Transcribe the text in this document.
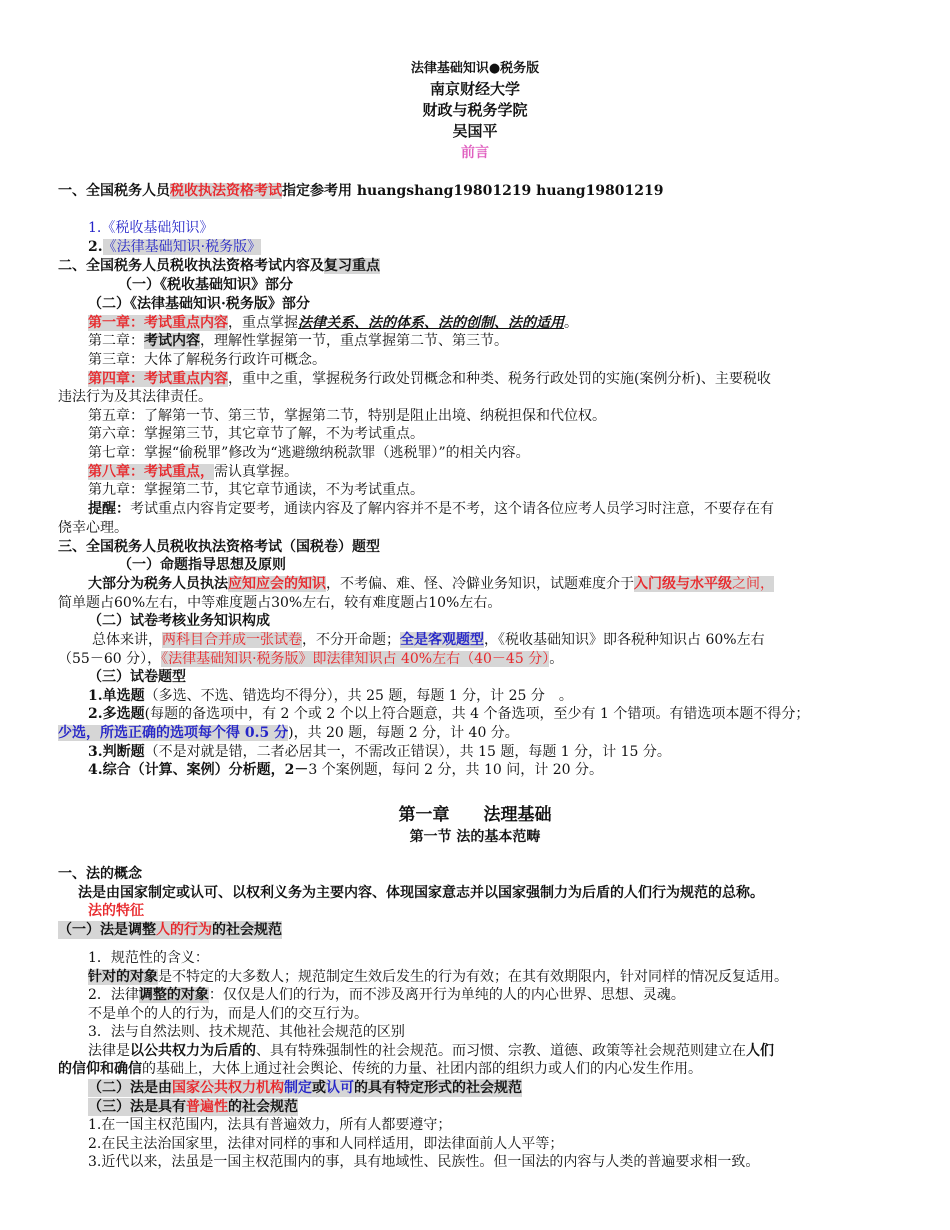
法律基础知识●税务版
南京财经大学
财政与税务学院
吴国平
前言
一、全国税务人员税收执法资格考试指定参考用 huangshang19801219 huang19801219
1.《税收基础知识》
2.《法律基础知识·税务版》
二、全国税务人员税收执法资格考试内容及复习重点
（一）《税收基础知识》部分
（二）《法律基础知识·税务版》部分
第一章：考试重点内容，重点掌握法律关系、法的体系、法的创制、法的适用。
第二章：考试内容，理解性掌握第一节，重点掌握第二节、第三节。
第三章：大体了解税务行政许可概念。
第四章：考试重点内容，重中之重，掌握税务行政处罚概念和种类、税务行政处罚的实施(案例分析)、主要税收
违法行为及其法律责任。
第五章：了解第一节、第三节，掌握第二节，特别是阻止出境、纳税担保和代位权。
第六章：掌握第三节，其它章节了解，不为考试重点。
第七章：掌握“偷税罪”修改为“逃避缴纳税款罪（逃税罪）”的相关内容。
第八章：考试重点，需认真掌握。
第九章：掌握第二节，其它章节通读，不为考试重点。
提醒：考试重点内容肯定要考，通读内容及了解内容并不是不考，这个请各位应考人员学习时注意，不要存在有
侥幸心理。
三、全国税务人员税收执法资格考试（国税卷）题型
（一）命题指导思想及原则
大部分为税务人员执法应知应会的知识，不考偏、难、怪、冷僻业务知识，试题难度介于入门级与水平级之间，
简单题占60%左右，中等难度题占30%左右，较有难度题占10%左右。
（二）试卷考核业务知识构成
总体来讲，两科目合并成一张试卷，不分开命题；全是客观题型，《税收基础知识》即各税种知识占 60%左右
（55－60 分），《法律基础知识·税务版》即法律知识占 40%左右（40－45 分）。
（三）试卷题型
1.单选题（多选、不选、错选均不得分），共 25 题，每题 1 分，计 25 分　。
2.多选题(每题的备选项中，有 2 个或 2 个以上符合题意，共 4 个备选项，至少有 1 个错项。有错选项本题不得分；
少选，所选正确的选项每个得 0.5 分)，共 20 题，每题 2 分，计 40 分。
3.判断题（不是对就是错，二者必居其一，不需改正错误），共 15 题，每题 1 分，计 15 分。
4.综合（计算、案例）分析题，2－3 个案例题，每问 2 分，共 10 问，计 20 分。
第一章　　法理基础
第一节 法的基本范畴
一、法的概念
法是由国家制定或认可、以权利义务为主要内容、体现国家意志并以国家强制力为后盾的人们行为规范的总称。
法的特征
（一）法是调整人的行为的社会规范
1．规范性的含义：
针对的对象是不特定的大多数人；规范制定生效后发生的行为有效；在其有效期限内，针对同样的情况反复适用。
2．法律调整的对象：仅仅是人们的行为，而不涉及离开行为单纯的人的内心世界、思想、灵魂。
不是单个的人的行为，而是人们的交互行为。
3．法与自然法则、技术规范、其他社会规范的区别
法律是以公共权力为后盾的、具有特殊强制性的社会规范。而习惯、宗教、道德、政策等社会规范则建立在人们
的信仰和确信的基础上，大体上通过社会舆论、传统的力量、社团内部的组织力或人们的内心发生作用。
（二）法是由国家公共权力机构制定或认可的具有特定形式的社会规范
（三）法是具有普遍性的社会规范
1.在一国主权范围内，法具有普遍效力，所有人都要遵守；
2.在民主法治国家里，法律对同样的事和人同样适用，即法律面前人人平等；
3.近代以来，法虽是一国主权范围内的事，具有地域性、民族性。但一国法的内容与人类的普遍要求相一致。
